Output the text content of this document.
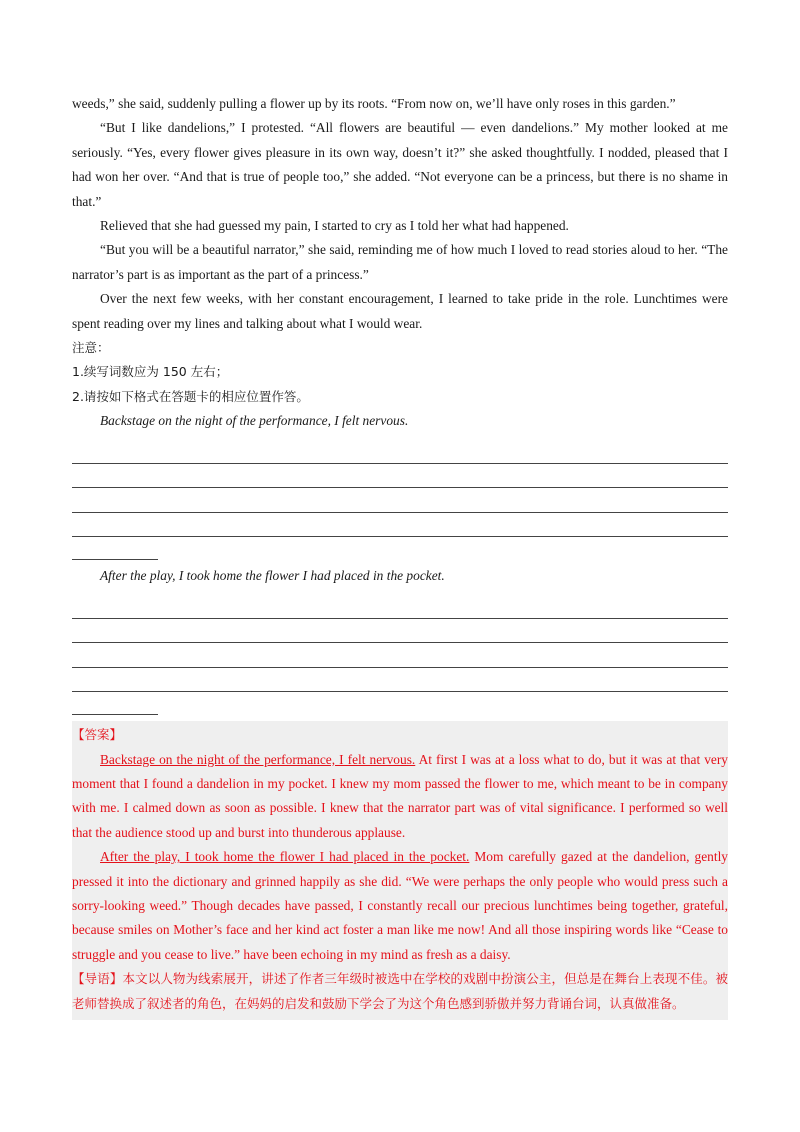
weeds,” she said, suddenly pulling a flower up by its roots. “From now on, we’ll have only roses in this garden.”

“But I like dandelions,” I protested. “All flowers are beautiful — even dandelions.” My mother looked at me seriously. “Yes, every flower gives pleasure in its own way, doesn’t it?” she asked thoughtfully. I nodded, pleased that I had won her over. “And that is true of people too,” she added. “Not everyone can be a princess, but there is no shame in that.”

Relieved that she had guessed my pain, I started to cry as I told her what had happened.

“But you will be a beautiful narrator,” she said, reminding me of how much I loved to read stories aloud to her. “The narrator’s part is as important as the part of a princess.”

Over the next few weeks, with her constant encouragement, I learned to take pride in the role. Lunchtimes were spent reading over my lines and talking about what I would wear.

注意：

1.续写词数应为 150 左右；

2.请按如下格式在答题卡的相应位置作答。

Backstage on the night of the performance, I felt nervous.

After the play, I took home the flower I had placed in the pocket.

【答案】

Backstage on the night of the performance, I felt nervous. At first I was at a loss what to do, but it was at that very moment that I found a dandelion in my pocket. I knew my mom passed the flower to me, which meant to be in company with me. I calmed down as soon as possible. I knew that the narrator part was of vital significance. I performed so well that the audience stood up and burst into thunderous applause.

After the play, I took home the flower I had placed in the pocket. Mom carefully gazed at the dandelion, gently pressed it into the dictionary and grinned happily as she did. “We were perhaps the only people who would press such a sorry-looking weed.” Though decades have passed, I constantly recall our precious lunchtimes being together, grateful, because smiles on Mother’s face and her kind act foster a man like me now! And all those inspiring words like “Cease to struggle and you cease to live.” have been echoing in my mind as fresh as a daisy.

【导语】本文以人物为线索展开，讲述了作者三年级时被选中在学校的戏剧中扮演公主，但总是在舞台上表现不佳。被老师替换成了叙述者的角色，在妈妈的启发和鼓励下学会了为这个角色感到骄傲并努力背诵台词，认真做准备。
